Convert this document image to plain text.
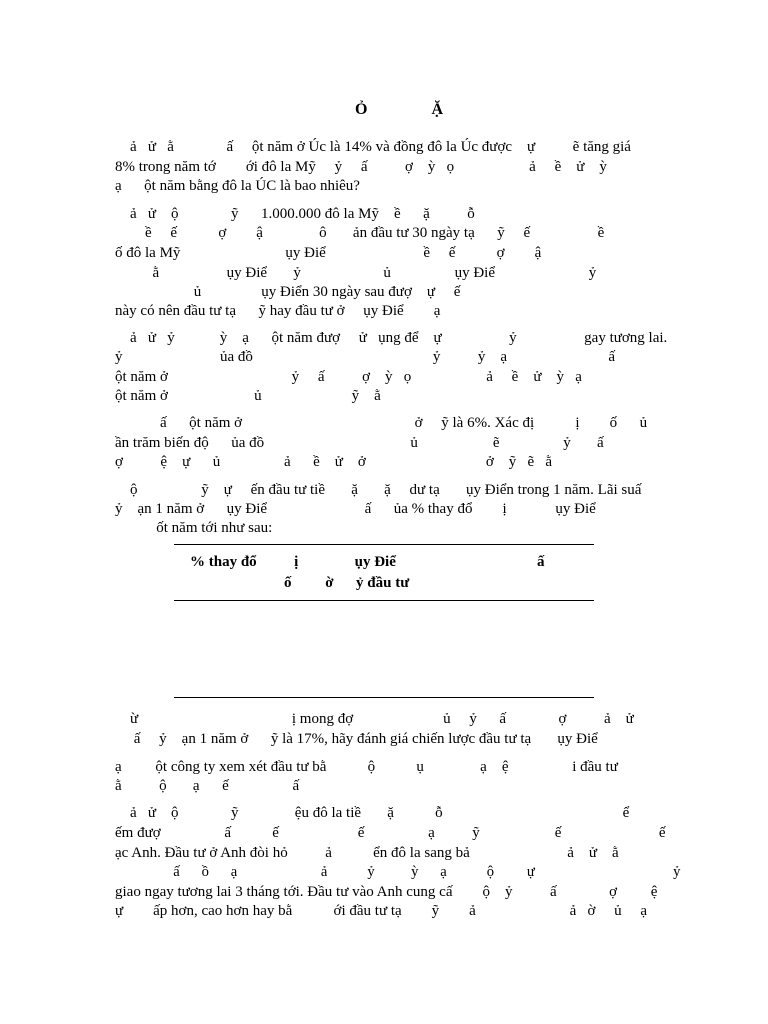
Ỏ                Ặ
ả   ử   ằ              ấ     ột năm ở Úc là 14% và đồng đô la Úc được    ự          ẽ tăng giá
8% trong năm tớ        ới đô la Mỹ     ỷ     ấ          ợ    ỳ   ọ                    ả     ề    ử    ỳ
ạ      ột năm bằng đô la ÚC là bao nhiêu?
ả   ử    ộ              ỹ      1.000.000 đô la Mỹ    ề      ặ          ỗ
ề     ế           ợ        ậ               ô       ản đầu tư 30 ngày tạ      ỹ     ế                  ề
ố đô la Mỹ                            ụy Điể                          ề     ế           ợ        ậ
ằ                  ụy Điể       ỷ                      ủ                 ụy Điể                         ỷ
ủ                ụy Điển 30 ngày sau đượ    ự     ế
này có nên đầu tư tạ      ỹ hay đầu tư ở     ụy Điể        ạ
ả   ử   ỷ            ỳ    ạ      ột năm đượ     ử   ụng để    ự                  ỷ                  gay tương lai.
ỷ                          ủa đồ                                                ỷ          ỷ    ạ                           ấ
ột năm ở                                 ỷ     ấ          ợ    ỳ   ọ                    ả     ề    ử    ỳ   ạ
ột năm ở                       ủ                        ỹ    ằ
ấ      ột năm ở                                              ở     ỹ là 6%. Xác đị           ị        ố      ủ
ần trăm biến độ      ủa đồ                                       ủ                    ẽ                 ỷ       ấ
ợ          ệ    ự      ủ                 ả      ề    ử    ở                                ở    ỹ   ẽ   ằ
ộ                 ỹ    ự     ến đầu tư tiề       ặ       ặ     dư tạ       ụy Điển trong 1 năm. Lãi suấ
ỷ    ạn 1 năm ở      ụy Điể                          ấ      ủa % thay đổ        ị             ụy Điể
ốt năm tới như sau:
% thay đổ          ị               ụy Điể	ấ
ố         ờ      ỷ đầu tư
ừ                                         ị mong đợ                        ủ     ỷ      ấ              ợ          ả    ử
ấ     ỷ    ạn 1 năm ở      ỹ là 17%, hãy đánh giá chiến lược đầu tư tạ       ụy Điể
ạ         ột công ty xem xét đầu tư bằ           ộ           ụ               ạ    ệ                 i đầu tư
ằ          ộ       ạ      ế                 ấ
ả   ử    ộ              ỹ               ệu đô la tiề       ặ           ỗ                                                ể
ếm đượ                 ấ           ế                     ế                 ạ          ỹ                    ế                          ế
ạc Anh. Đầu tư ở Anh đòi hỏ          ả           ển đô la sang bả                          ả    ử    ằ
ấ      ồ      ạ                       ả           ỷ          ỳ      ạ           ộ         ự                                      ỷ
giao ngay tương lai 3 tháng tới. Đầu tư vào Anh cung cấ        ộ    ỷ          ấ              ợ         ệ
ự        ấp hơn, cao hơn hay bằ           ới đầu tư tạ        ỹ        ả                         ả   ờ     ủ     ạ
